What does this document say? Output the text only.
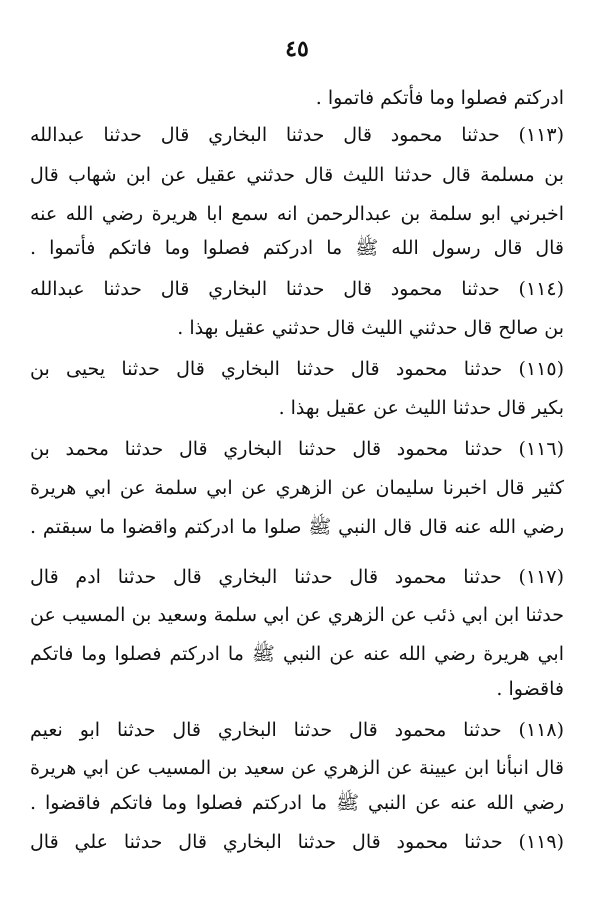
٤٥
ادركتم فصلوا وما فأتكم فاتموا .
(١١٣) حدثنا محمود قال حدثنا البخاري قال حدثنا عبدالله
بن مسلمة قال حدثنا الليث قال حدثني عقيل عن ابن شهاب قال
اخبرني ابو سلمة بن عبدالرحمن انه سمع ابا هريرة رضي الله عنه
قال قال رسول الله ﷺ ما ادركتم فصلوا وما فاتكم فأتموا .
(١١٤) حدثنا محمود قال حدثنا البخاري قال حدثنا عبدالله
بن صالح قال حدثني الليث قال حدثني عقيل بهذا .
(١١٥) حدثنا محمود قال حدثنا البخاري قال حدثنا يحيى بن
بكير قال حدثنا الليث عن عقيل بهذا .
(١١٦) حدثنا محمود قال حدثنا البخاري قال حدثنا محمد بن
كثير قال اخبرنا سليمان عن الزهري عن ابي سلمة عن ابي هريرة
رضي الله عنه قال قال النبي ﷺ صلوا ما ادركتم واقضوا ما سبقتم .
(١١٧) حدثنا محمود قال حدثنا البخاري قال حدثنا ادم قال
حدثنا ابن ابي ذئب عن الزهري عن ابي سلمة وسعيد بن المسيب عن
ابي هريرة رضي الله عنه عن النبي ﷺ ما ادركتم فصلوا وما فاتكم
فاقضوا .
(١١٨) حدثنا محمود قال حدثنا البخاري قال حدثنا ابو نعيم
قال انبأنا ابن عيينة عن الزهري عن سعيد بن المسيب عن ابي هريرة
رضي الله عنه عن النبي ﷺ ما ادركتم فصلوا وما فاتكم فاقضوا .
(١١٩) حدثنا محمود قال حدثنا البخاري قال حدثنا علي قال
